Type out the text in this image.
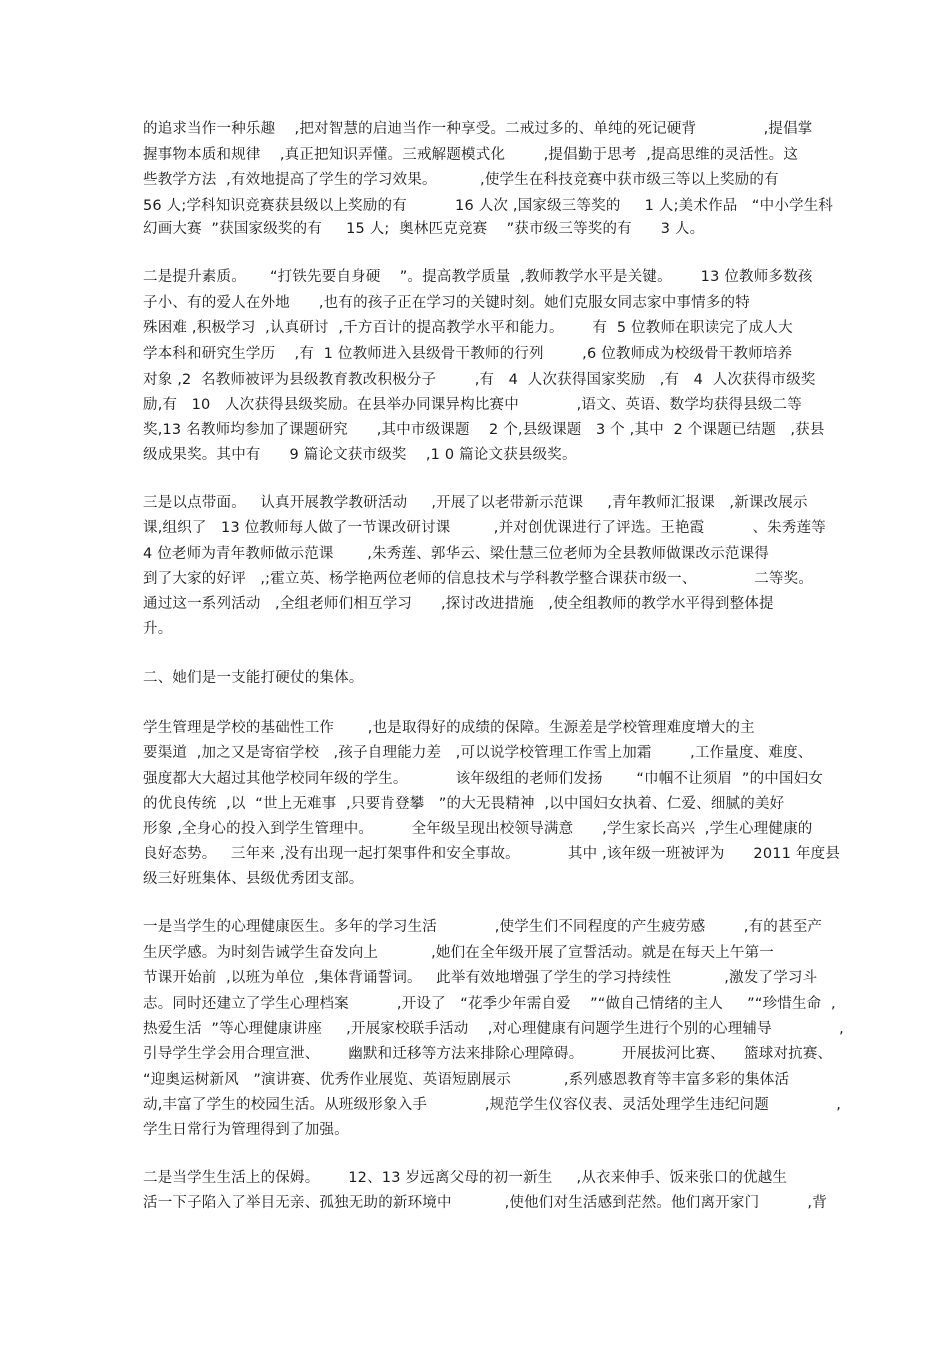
的追求当作一种乐趣    ,把对智慧的启迪当作一种享受。二戒过多的、单纯的死记硬背              ,提倡掌
握事物本质和规律    ,真正把知识弄懂。三戒解题模式化        ,提倡勤于思考  ,提高思维的灵活性。这
些教学方法  ,有效地提高了学生的学习效果。         ,使学生在科技竞赛中获市级三等以上奖励的有
56 人;学科知识竞赛获县级以上奖励的有          16 人次 ,国家级三等奖的     1 人;美术作品   “中小学生科
幻画大赛  ”获国家级奖的有     15 人;  奥林匹克竞赛    ”获市级三等奖的有      3 人。
二是提升素质。     “打铁先要自身硬    ”。提高教学质量  ,教师教学水平是关键。      13 位教师多数孩
子小、有的爱人在外地      ,也有的孩子正在学习的关键时刻。她们克服女同志家中事情多的特
殊困难 ,积极学习  ,认真研讨  ,千方百计的提高教学水平和能力。      有  5 位教师在职读完了成人大
学本科和研究生学历    ,有  1 位教师进入县级骨干教师的行列        ,6 位教师成为校级骨干教师培养
对象 ,2  名教师被评为县级教育教改积极分子        ,有   4  人次获得国家奖励   ,有   4  人次获得市级奖
励,有   10   人次获得县级奖励。在县举办同课异构比赛中            ,语文、英语、数学均获得县级二等
奖,13 名教师均参加了课题研究      ,其中市级课题    2 个,县级课题   3 个 ,其中  2 个课题已结题   ,获县
级成果奖。其中有      9 篇论文获市级奖    ,1 0 篇论文获县级奖。
三是以点带面。   认真开展教学教研活动     ,开展了以老带新示范课     ,青年教师汇报课   ,新课改展示
课,组织了   13 位教师每人做了一节课改研讨课         ,并对创优课进行了评选。王艳霞          、朱秀莲等
4 位老师为青年教师做示范课       ,朱秀莲、郭华云、梁仕慧三位老师为全县教师做课改示范课得
到了大家的好评   ,;霍立英、杨学艳两位老师的信息技术与学科教学整合课获市级一、            二等奖。
通过这一系列活动   ,全组老师们相互学习      ,探讨改进措施   ,使全组教师的教学水平得到整体提
升。
二、她们是一支能打硬仗的集体。
学生管理是学校的基础性工作       ,也是取得好的成绩的保障。生源差是学校管理难度增大的主
要渠道  ,加之又是寄宿学校   ,孩子自理能力差   ,可以说学校管理工作雪上加霜        ,工作量度、难度、
强度都大大超过其他学校同年级的学生。          该年级组的老师们发扬       “巾帼不让须眉  ”的中国妇女
的优良传统  ,以  “世上无难事  ,只要肯登攀   ”的大无畏精神  ,以中国妇女执着、仁爱、细腻的美好
形象 ,全身心的投入到学生管理中。        全年级呈现出校领导满意      ,学生家长高兴  ,学生心理健康的
良好态势。   三年来 ,没有出现一起打架事件和安全事故。          其中 ,该年级一班被评为      2011 年度县
级三好班集体、县级优秀团支部。
一是当学生的心理健康医生。多年的学习生活            ,使学生们不同程度的产生疲劳感        ,有的甚至产
生厌学感。为时刻告诫学生奋发向上           ,她们在全年级开展了宣誓活动。就是在每天上午第一
节课开始前  ,以班为单位  ,集体背诵誓词。   此举有效地增强了学生的学习持续性           ,激发了学习斗
志。同时还建立了学生心理档案          ,开设了   “花季少年需自爱    ”“做自己情绪的主人     ”“珍惜生命  ,
热爱生活  ”等心理健康讲座     ,开展家校联手活动    ,对心理健康有问题学生进行个别的心理辅导              ,
引导学生学会用合理宣泄、      幽默和迁移等方法来排除心理障碍。        开展拔河比赛、    篮球对抗赛、
“迎奥运树新风   ”演讲赛、优秀作业展览、英语短剧展示           ,系列感恩教育等丰富多彩的集体活
动,丰富了学生的校园生活。从班级形象入手            ,规范学生仪容仪表、灵活处理学生违纪问题              ,
学生日常行为管理得到了加强。
二是当学生生活上的保姆。      12、13 岁远离父母的初一新生     ,从衣来伸手、饭来张口的优越生
活一下子陷入了举目无亲、孤独无助的新环境中           ,使他们对生活感到茫然。他们离开家门          ,背
